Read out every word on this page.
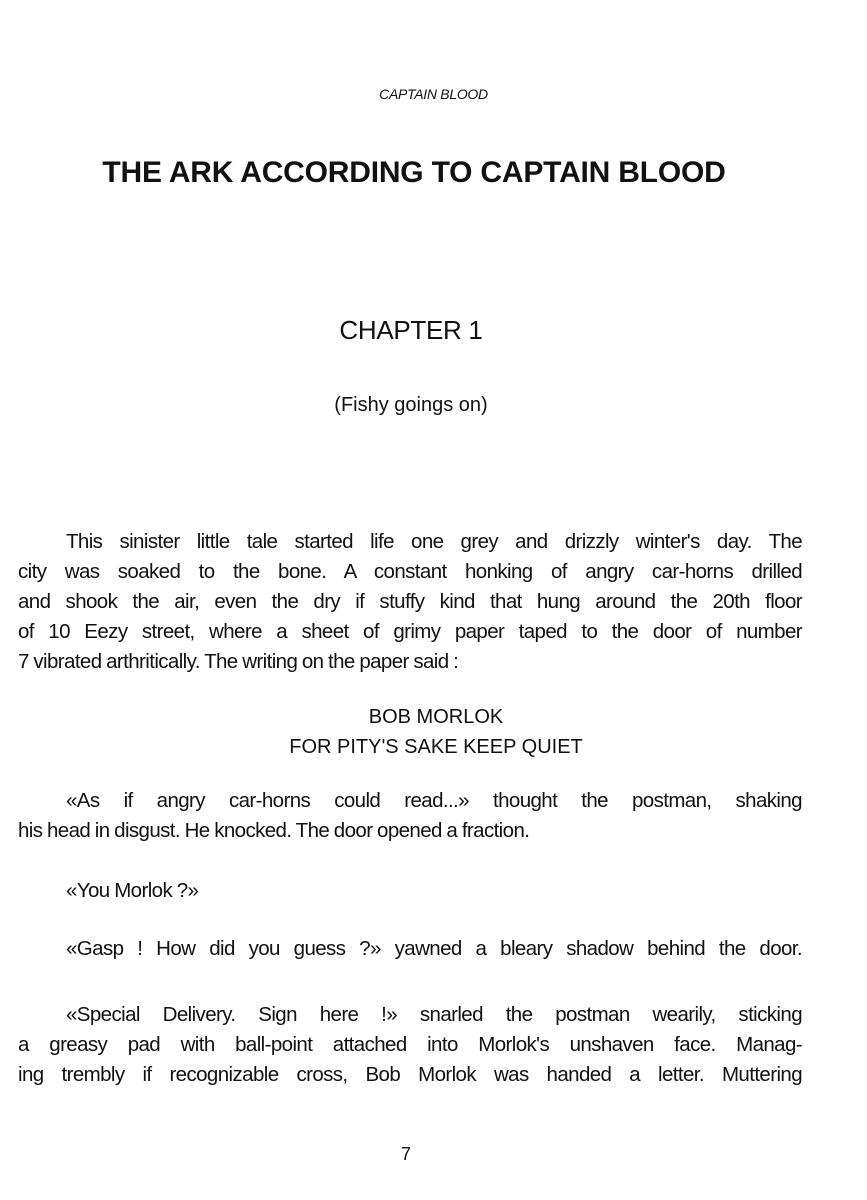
CAPTAIN BLOOD
THE ARK ACCORDING TO CAPTAIN BLOOD
CHAPTER 1
(Fishy goings on)
This sinister little tale started life one grey and drizzly winter's day. The
city was soaked to the bone. A constant honking of angry car-horns drilled
and shook the air, even the dry if stuffy kind that hung around the 20th floor
of 10 Eezy street, where a sheet of grimy paper taped to the door of number
7 vibrated arthritically. The writing on the paper said :
BOB MORLOK
FOR PITY'S SAKE KEEP QUIET
«As if angry car-horns could read...» thought the postman, shaking
his head in disgust. He knocked. The door opened a fraction.
«You Morlok ?»
«Gasp ! How did you guess ?» yawned a bleary shadow behind the door.
«Special Delivery. Sign here !» snarled the postman wearily, sticking
a greasy pad with ball-point attached into Morlok's unshaven face. Manag-
ing trembly if recognizable cross, Bob Morlok was handed a letter. Muttering
7
